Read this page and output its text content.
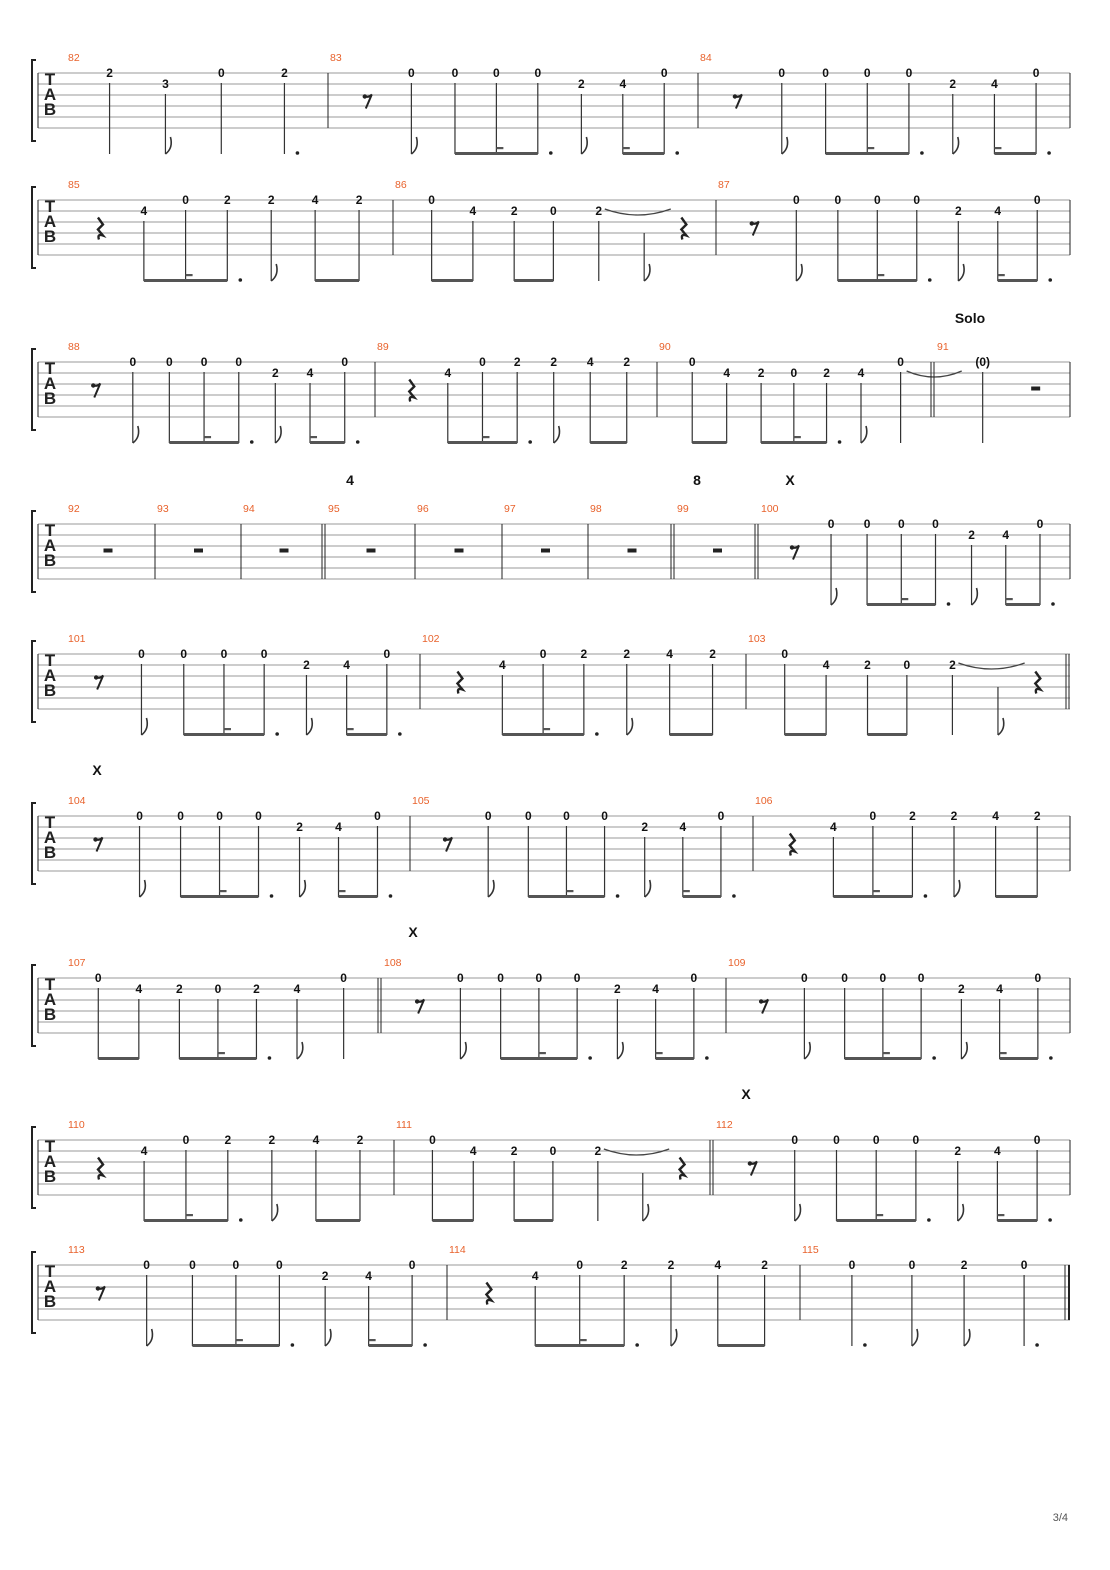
T
A
B
82
2
3
0	2
83
0	0	0	0
2	4
0
84
0	0	0	0
2	4
0
T
A
B
85
4
0	2	2	4	2
86
0
4	2	0	2
87
0	0	0	0
2	4
0
T
A
B
Solo
88
0 0 0 0
2 4
0
89
4
0 2 2 4 2
90
0
4 2 0 2 4
0
91
(0)
T
A
B
4	8	X
92	93	94	95	96	97	98	99	100
0 0 0 0
2 4
0
T
A
B
101
0	0	0	0
2	4
0
102
4
0	2	2	4	2
103
0
4	2	0	2
T
A
B
X
104
0	0	0	0
2	4
0
105
0	0	0	0
2	4
0
106
4
0	2	2	4	2
T
A
B
X
107
0
4	2	0	2	4
0
108
0	0	0	0
2	4
0
109
0	0	0	0
2	4
0
T
A
B
X
110
4
0	2	2	4	2
111
0
4	2	0	2
112
0	0	0	0
2	4
0
T
A
B
113
0	0	0	0
2	4
0
114
4
0	2	2	4	2
115
0	0	2	0
3/4
